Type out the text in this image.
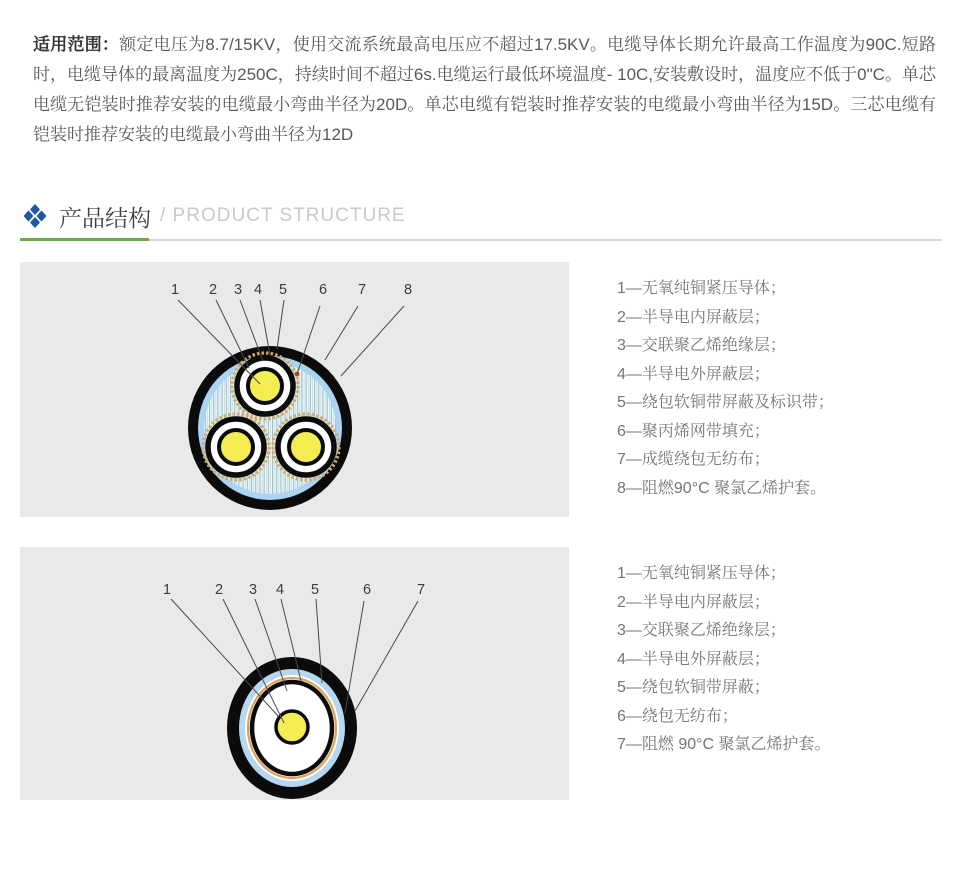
适用范围：额定电压为8.7/15KV，使用交流系统最高电压应不超过17.5KV。电缆导体长期允许最高工作温度为90C.短路时，电缆导体的最离温度为250C，持续时间不超过6s.电缆运行最低环境温度- 10C,安装敷设时，温度应不低于0"C。单芯电缆无铠装时推荐安装的电缆最小弯曲半径为20D。单芯电缆有铠装时推荐安装的电缆最小弯曲半径为15D。三芯电缆有铠装时推荐安装的电缆最小弯曲半径为12D

产品结构 / PRODUCT STRUCTURE
1 2 3 4 5 6 7	8	1—无氧纯铜紧压导体；
2—半导电内屏蔽层；
3—交联聚乙烯绝缘层；
4—半导电外屏蔽层；
5—绕包软铜带屏蔽及标识带；
6—聚丙烯网带填充；
7—成缆绕包无纺布；
8—阻燃90°C 聚氯乙烯护套。
1	2 3 4 5	6	7
1—无氧纯铜紧压导体；
2—半导电内屏蔽层；
3—交联聚乙烯绝缘层；
4—半导电外屏蔽层；
5—绕包软铜带屏蔽；
6—绕包无纺布；
7—阻燃 90°C 聚氯乙烯护套。
